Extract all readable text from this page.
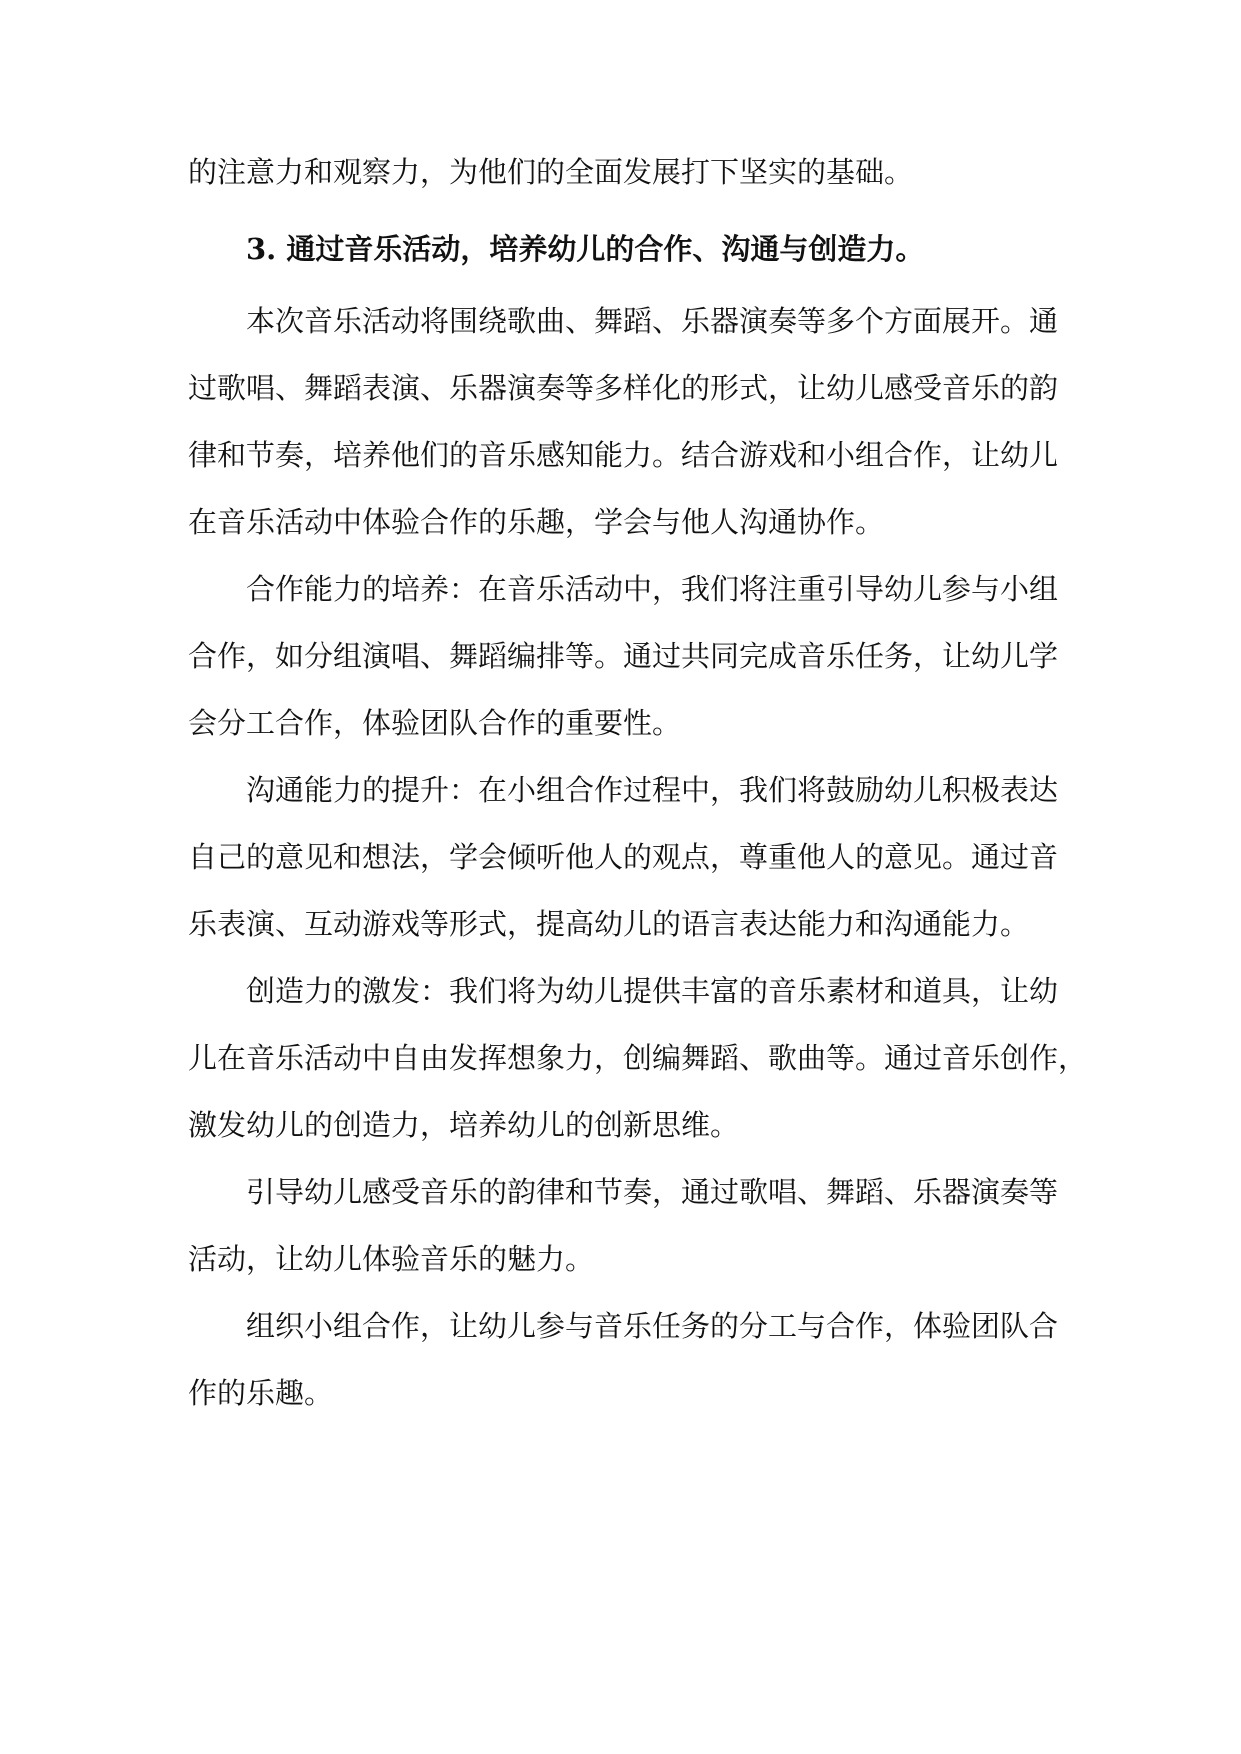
的注意力和观察力，为他们的全面发展打下坚实的基础。
3. 通过音乐活动，培养幼儿的合作、沟通与创造力。
本次音乐活动将围绕歌曲、舞蹈、乐器演奏等多个方面展开。通
过歌唱、舞蹈表演、乐器演奏等多样化的形式，让幼儿感受音乐的韵
律和节奏，培养他们的音乐感知能力。结合游戏和小组合作，让幼儿
在音乐活动中体验合作的乐趣，学会与他人沟通协作。
合作能力的培养：在音乐活动中，我们将注重引导幼儿参与小组
合作，如分组演唱、舞蹈编排等。通过共同完成音乐任务，让幼儿学
会分工合作，体验团队合作的重要性。
沟通能力的提升：在小组合作过程中，我们将鼓励幼儿积极表达
自己的意见和想法，学会倾听他人的观点，尊重他人的意见。通过音
乐表演、互动游戏等形式，提高幼儿的语言表达能力和沟通能力。
创造力的激发：我们将为幼儿提供丰富的音乐素材和道具，让幼
儿在音乐活动中自由发挥想象力，创编舞蹈、歌曲等。通过音乐创作，
激发幼儿的创造力，培养幼儿的创新思维。
引导幼儿感受音乐的韵律和节奏，通过歌唱、舞蹈、乐器演奏等
活动，让幼儿体验音乐的魅力。
组织小组合作，让幼儿参与音乐任务的分工与合作，体验团队合
作的乐趣。
